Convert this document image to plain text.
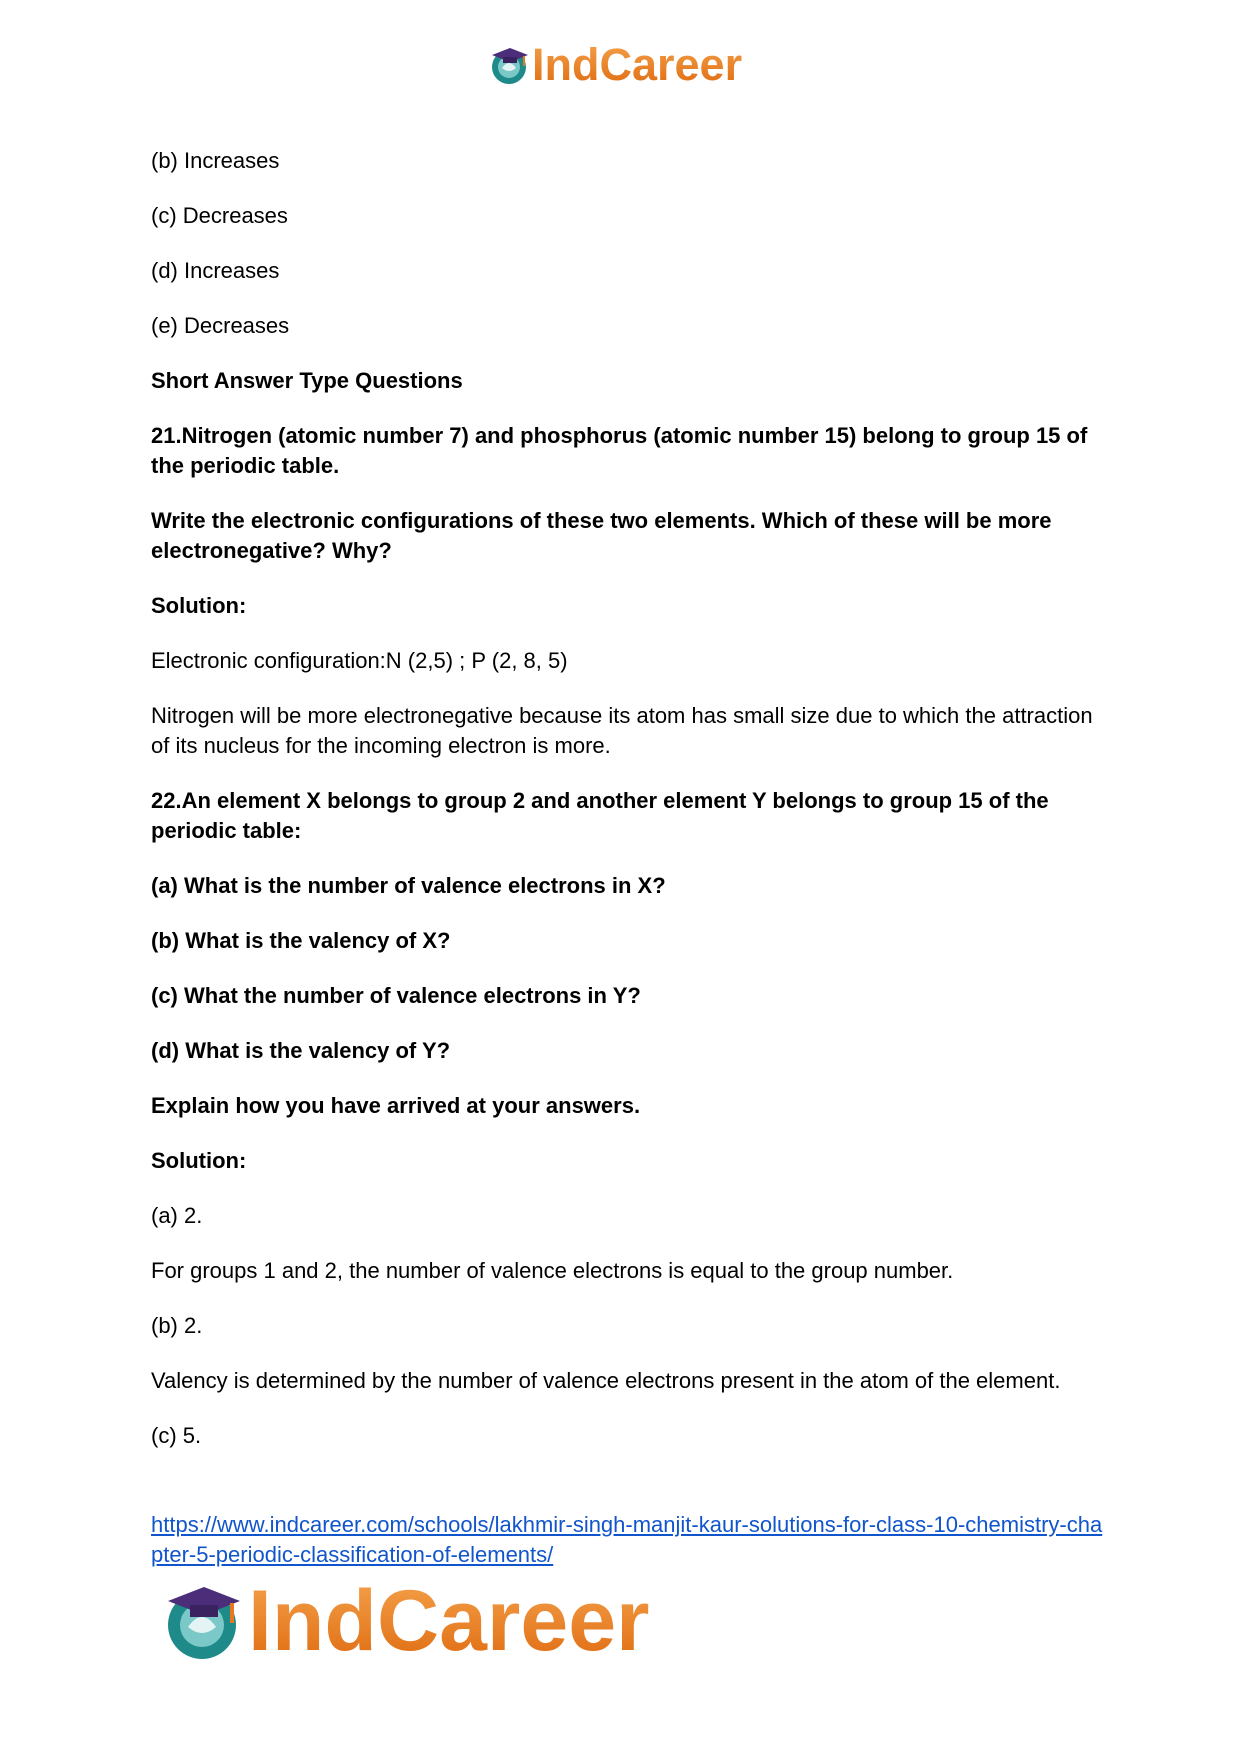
IndCareer

(b) Increases

(c) Decreases

(d) Increases

(e) Decreases

Short Answer Type Questions

21.Nitrogen (atomic number 7) and phosphorus (atomic number 15) belong to group 15 of the periodic table.

Write the electronic configurations of these two elements. Which of these will be more electronegative? Why?

Solution:

Electronic configuration:N (2,5) ; P (2, 8, 5)

Nitrogen will be more electronegative because its atom has small size due to which the attraction of its nucleus for the incoming electron is more.

22.An element X belongs to group 2 and another element Y belongs to group 15 of the periodic table:

(a) What is the number of valence electrons in X?

(b) What is the valency of X?

(c) What the number of valence electrons in Y?

(d) What is the valency of Y?

Explain how you have arrived at your answers.

Solution:

(a) 2.

For groups 1 and 2, the number of valence electrons is equal to the group number.

(b) 2.

Valency is determined by the number of valence electrons present in the atom of the element.

(c) 5.

https://www.indcareer.com/schools/lakhmir-singh-manjit-kaur-solutions-for-class-10-chemistry-chapter-5-periodic-classification-of-elements/
IndCareer
